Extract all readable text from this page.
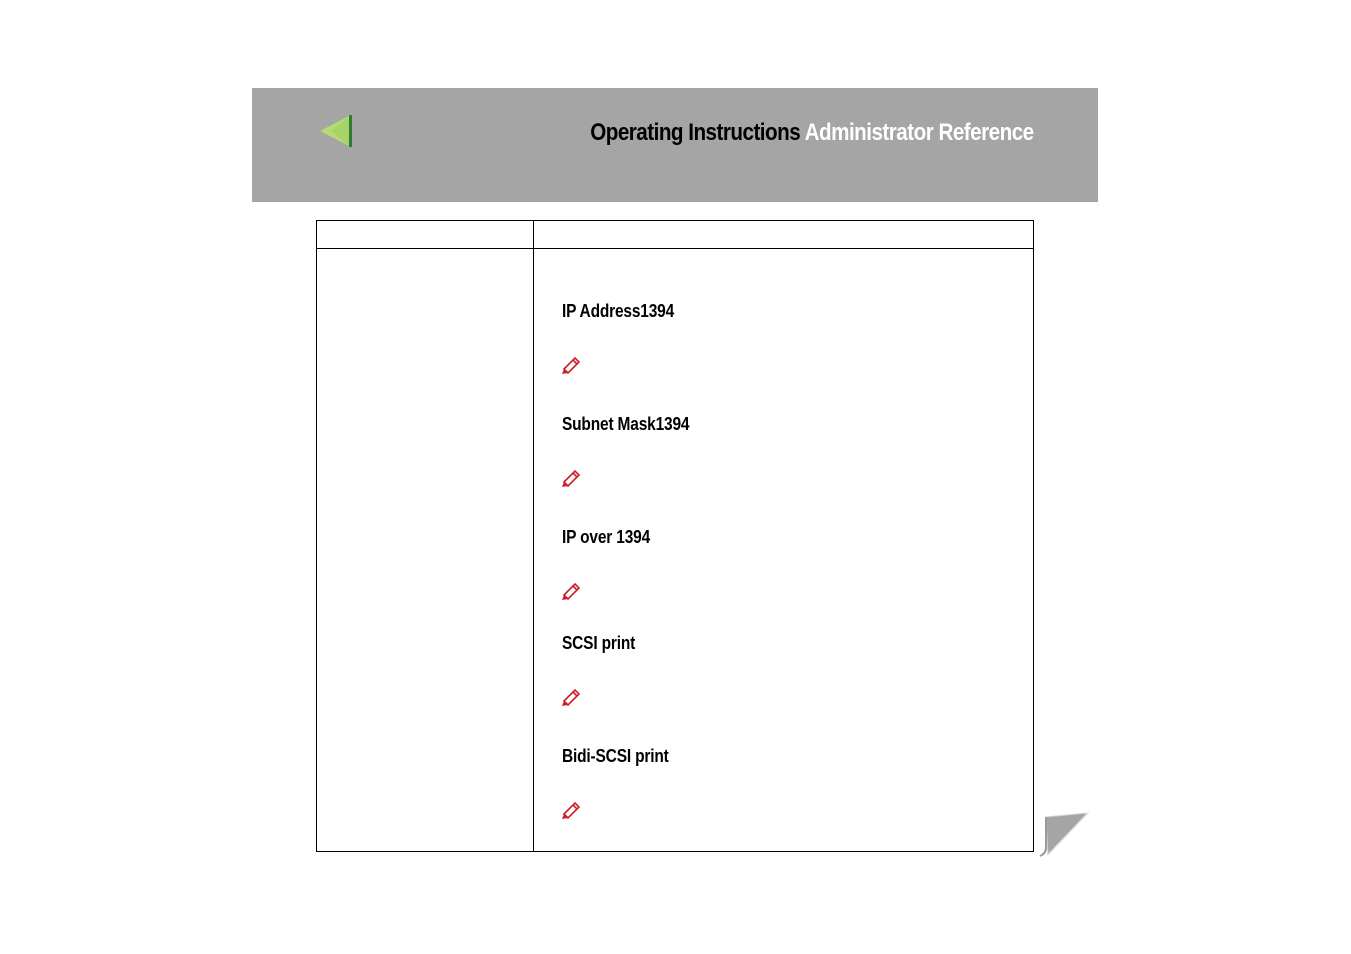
Operating Instructions Administrator Reference
IP Address1394
Subnet Mask1394
IP over 1394
SCSI print
Bidi-SCSI print
